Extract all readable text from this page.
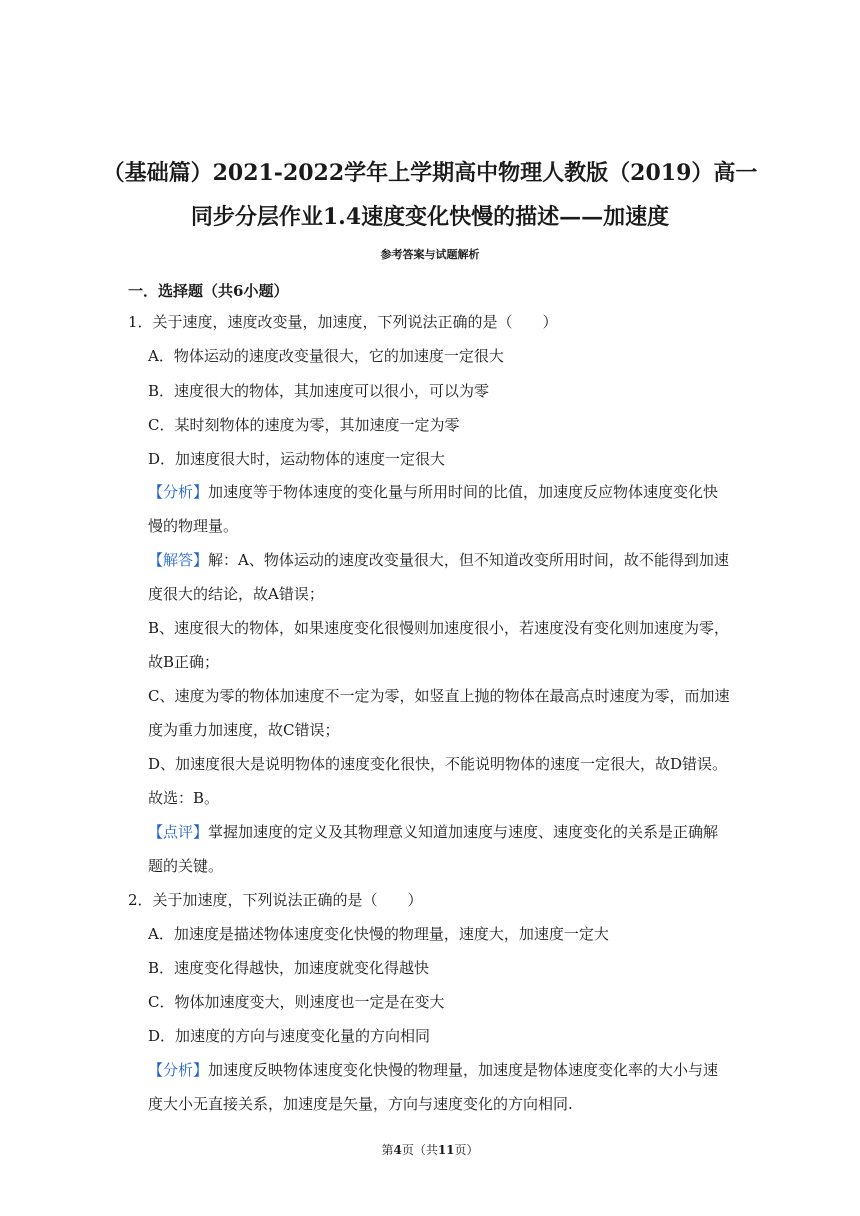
（基础篇）2021-2022学年上学期高中物理人教版（2019）高一
同步分层作业1.4速度变化快慢的描述——加速度
参考答案与试题解析
一．选择题（共6小题）
1．关于速度，速度改变量，加速度，下列说法正确的是（　　）
A．物体运动的速度改变量很大，它的加速度一定很大
B．速度很大的物体，其加速度可以很小，可以为零
C．某时刻物体的速度为零，其加速度一定为零
D．加速度很大时，运动物体的速度一定很大
【分析】加速度等于物体速度的变化量与所用时间的比值，加速度反应物体速度变化快
慢的物理量。
【解答】解：A、物体运动的速度改变量很大，但不知道改变所用时间，故不能得到加速
度很大的结论，故A错误；
B、速度很大的物体，如果速度变化很慢则加速度很小，若速度没有变化则加速度为零，
故B正确；
C、速度为零的物体加速度不一定为零，如竖直上抛的物体在最高点时速度为零，而加速
度为重力加速度，故C错误；
D、加速度很大是说明物体的速度变化很快，不能说明物体的速度一定很大，故D错误。
故选：B。
【点评】掌握加速度的定义及其物理意义知道加速度与速度、速度变化的关系是正确解
题的关键。
2．关于加速度，下列说法正确的是（　　）
A．加速度是描述物体速度变化快慢的物理量，速度大，加速度一定大
B．速度变化得越快，加速度就变化得越快
C．物体加速度变大，则速度也一定是在变大
D．加速度的方向与速度变化量的方向相同
【分析】加速度反映物体速度变化快慢的物理量，加速度是物体速度变化率的大小与速
度大小无直接关系，加速度是矢量，方向与速度变化的方向相同.
第4页（共11页）
